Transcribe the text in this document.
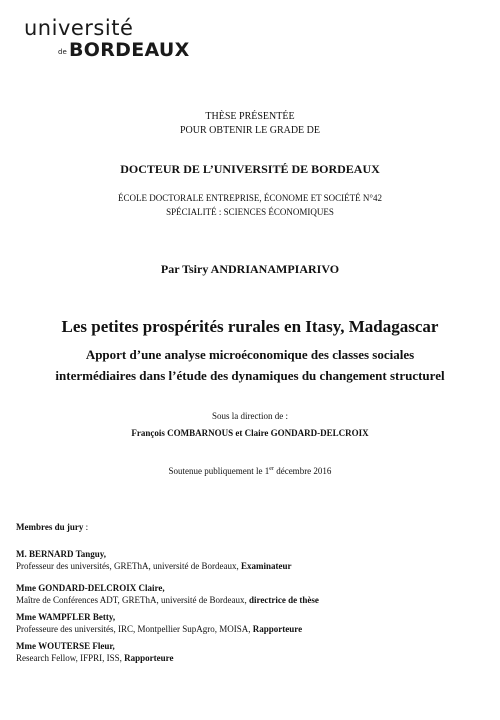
université
de BORDEAUX
THÈSE PRÉSENTÉE
POUR OBTENIR LE GRADE DE
DOCTEUR DE L’UNIVERSITÉ DE BORDEAUX
ÉCOLE DOCTORALE ENTREPRISE, ÉCONOME ET SOCIÉTÉ N°42
SPÉCIALITÉ : SCIENCES ÉCONOMIQUES
Par Tsiry ANDRIANAMPIARIVO
Les petites prospérités rurales en Itasy, Madagascar
Apport d’une analyse microéconomique des classes sociales
intermédiaires dans l’étude des dynamiques du changement structurel
Sous la direction de :
François COMBARNOUS et Claire GONDARD-DELCROIX
Soutenue publiquement le 1er décembre 2016
Membres du jury :
M. BERNARD Tanguy,
Professeur des universités, GREThA, université de Bordeaux, Examinateur
Mme GONDARD-DELCROIX Claire,
Maître de Conférences ADT, GREThA, université de Bordeaux, directrice de thèse
Mme WAMPFLER Betty,
Professeure des universités, IRC, Montpellier SupAgro, MOISA, Rapporteure
Mme WOUTERSE Fleur,
Research Fellow, IFPRI, ISS, Rapporteure
